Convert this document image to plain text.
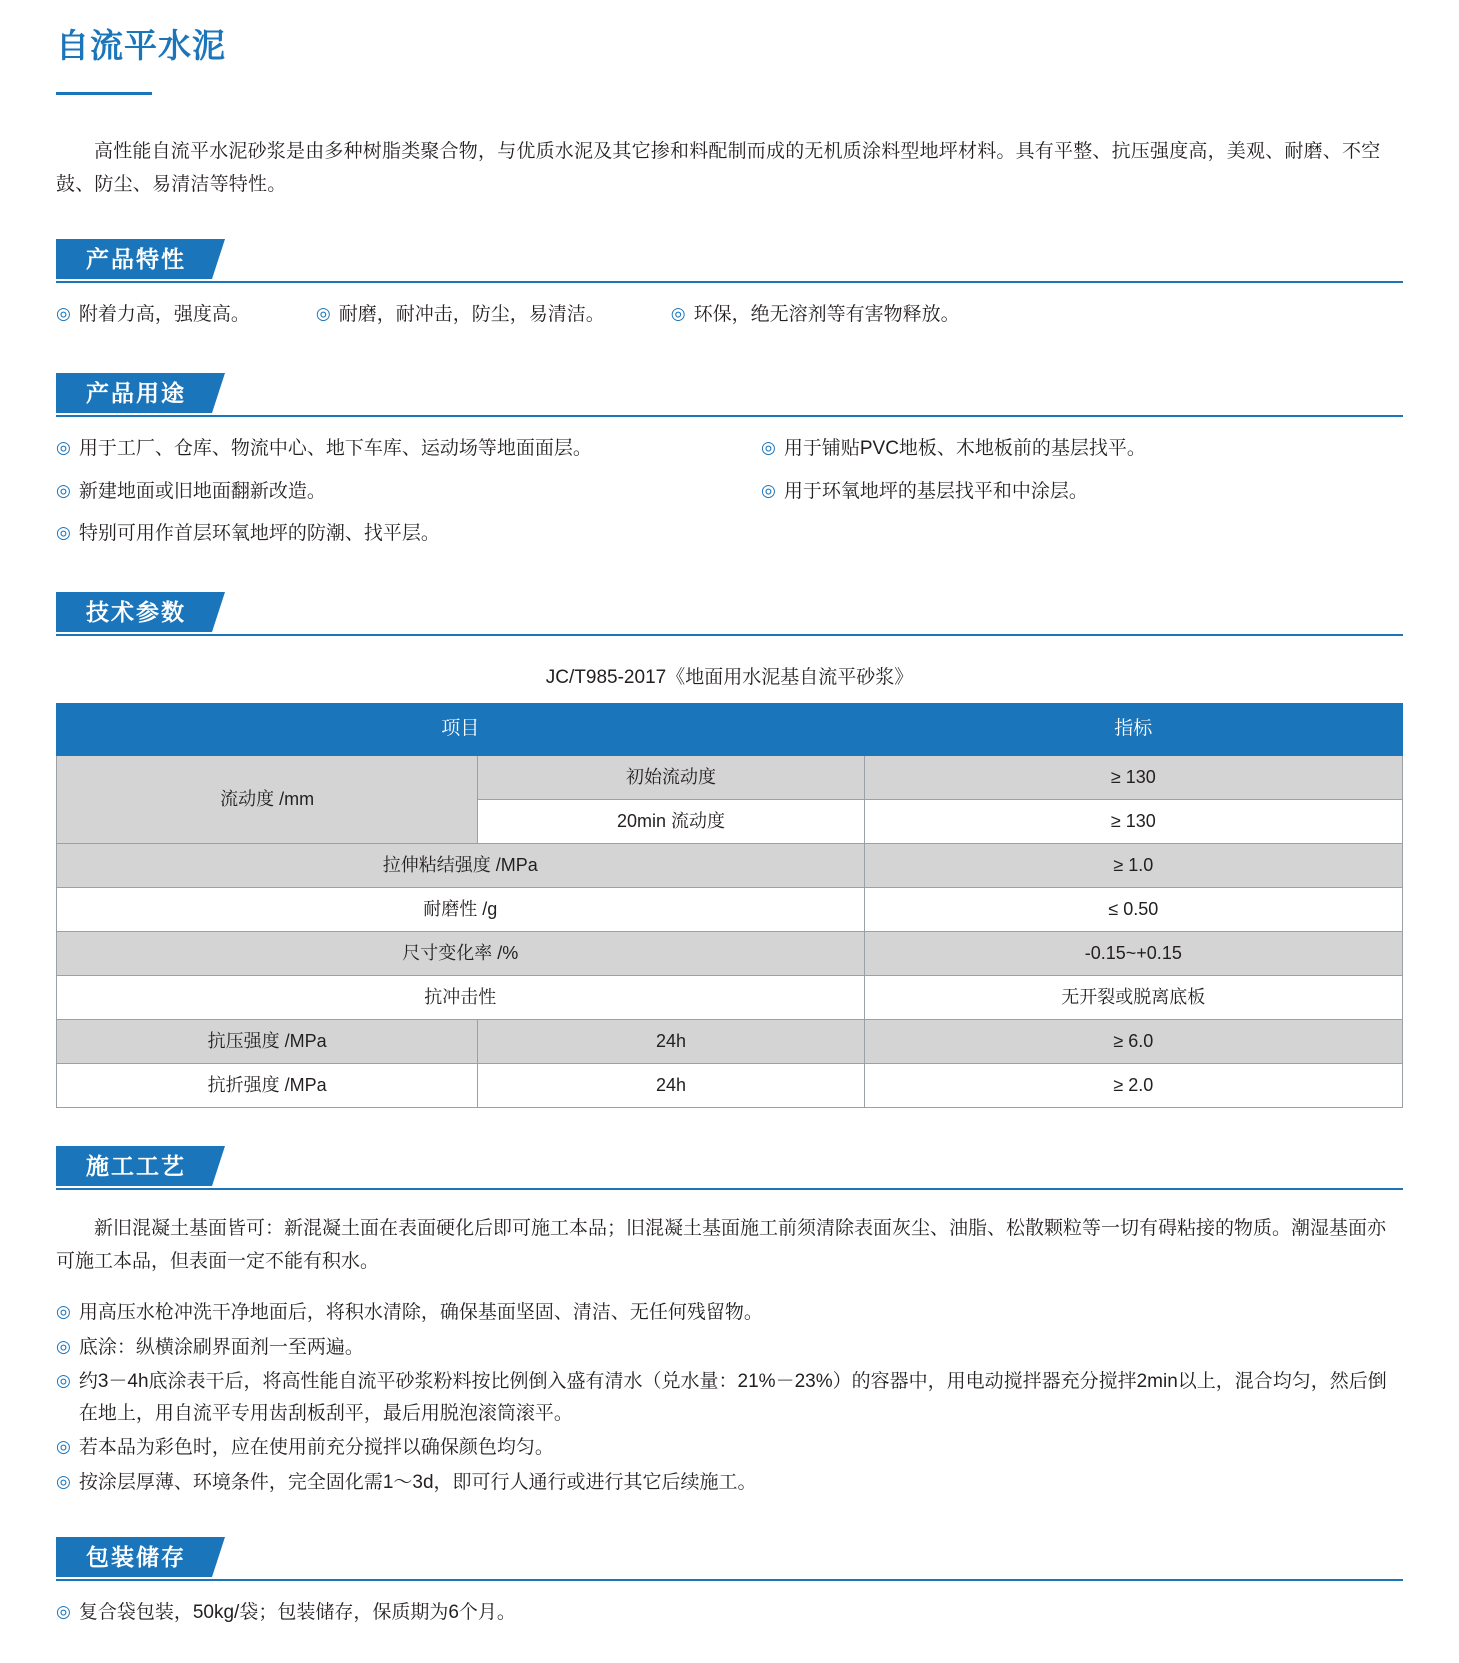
自流平水泥

高性能自流平水泥砂浆是由多种树脂类聚合物，与优质水泥及其它掺和料配制而成的无机质涂料型地坪材料。具有平整、抗压强度高，美观、耐磨、不空鼓、防尘、易清洁等特性。

产品特性
◎ 附着力高，强度高。	◎ 耐磨，耐冲击，防尘，易清洁。	◎ 环保，绝无溶剂等有害物释放。
产品用途
◎ 用于工厂、仓库、物流中心、地下车库、运动场等地面面层。	◎ 用于铺贴PVC地板、木地板前的基层找平。
◎ 新建地面或旧地面翻新改造。	◎ 用于环氧地坪的基层找平和中涂层。
◎ 特别可用作首层环氧地坪的防潮、找平层。
技术参数
JC/T985-2017《地面用水泥基自流平砂浆》
项目		指标
流动度 /mm	初始流动度	≥ 130
	20min 流动度	≥ 130
拉伸粘结强度 /MPa		≥ 1.0
耐磨性 /g		≤ 0.50
尺寸变化率 /%		-0.15~+0.15
抗冲击性		无开裂或脱离底板
抗压强度 /MPa	24h	≥ 6.0
抗折强度 /MPa	24h	≥ 2.0
施工工艺

新旧混凝土基面皆可：新混凝土面在表面硬化后即可施工本品；旧混凝土基面施工前须清除表面灰尘、油脂、松散颗粒等一切有碍粘接的物质。潮湿基面亦可施工本品，但表面一定不能有积水。

◎ 用高压水枪冲洗干净地面后，将积水清除，确保基面坚固、清洁、无任何残留物。
◎ 底涂：纵横涂刷界面剂一至两遍。
◎ 约3－4h底涂表干后，将高性能自流平砂浆粉料按比例倒入盛有清水（兑水量：21%－23%）的容器中，用电动搅拌器充分搅拌2min以上，混合均匀，然后倒在地上，用自流平专用齿刮板刮平，最后用脱泡滚筒滚平。
◎ 若本品为彩色时，应在使用前充分搅拌以确保颜色均匀。
◎ 按涂层厚薄、环境条件，完全固化需1～3d，即可行人通行或进行其它后续施工。
包装储存
◎ 复合袋包装，50kg/袋；包装储存，保质期为6个月。
